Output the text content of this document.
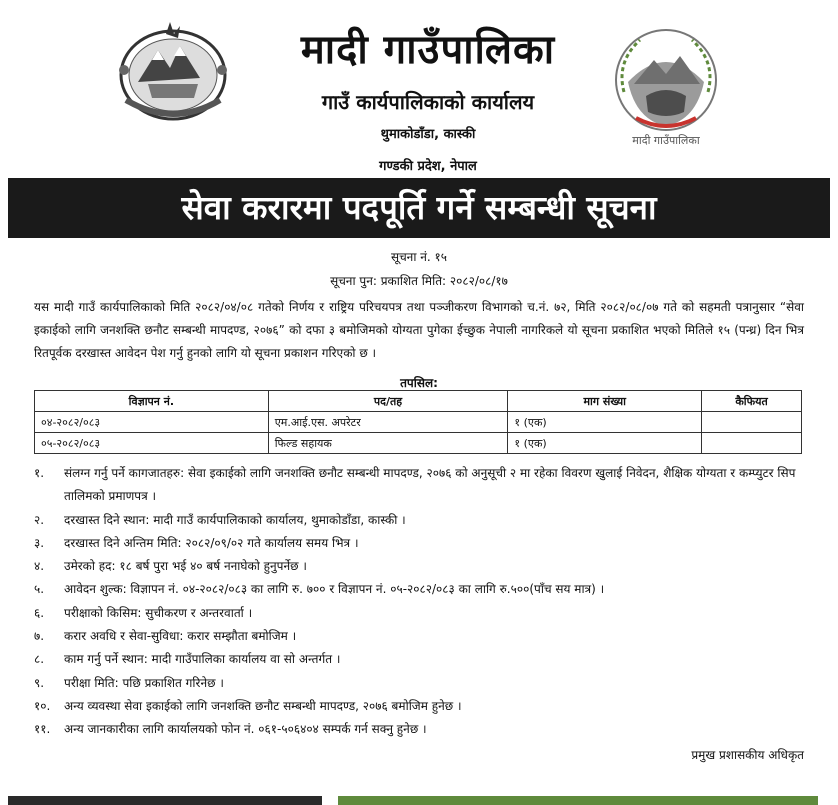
मादी गाउँपालिका
गाउँ कार्यपालिकाको कार्यालय
थुमाकोडाँडा, कास्की
गण्डकी प्रदेश, नेपाल
मादी गाउँपालिका
सेवा करारमा पदपूर्ति गर्ने सम्बन्धी सूचना
सूचना नं. १५
सूचना पुन: प्रकाशित मिति: २०८२/०८/१७
यस मादी गाउँ कार्यपालिकाको मिति २०८२/०४/०८ गतेको निर्णय र राष्ट्रिय परिचयपत्र तथा पञ्जीकरण विभागको च.नं. ७२, मिति २०८२/०८/०७ गते को सहमती पत्रानुसार “सेवा इकाईको लागि जनशक्ति छनौट सम्बन्धी मापदण्ड, २०७६” को दफा ३ बमोजिमको योग्यता पुगेका ईच्छुक नेपाली नागरिकले यो सूचना प्रकाशित भएको मितिले १५ (पन्ध्र) दिन भित्र रितपूर्वक दरखास्त आवेदन पेश गर्नु हुनको लागि यो सूचना प्रकाशन गरिएको छ ।
तपसिल:
विज्ञापन नं.	पद/तह	माग संख्या	कैफियत
०४-२०८२/०८३	एम.आई.एस. अपरेटर	१ (एक)	
०५-२०८२/०८३	फिल्ड सहायक	१ (एक)	
१. संलग्न गर्नु पर्ने कागजातहरु: सेवा इकाईको लागि जनशक्ति छनौट सम्बन्धी मापदण्ड, २०७६ को अनुसूची २ मा रहेका विवरण खुलाई निवेदन, शैक्षिक योग्यता र कम्प्युटर सिप तालिमको प्रमाणपत्र ।
२. दरखास्त दिने स्थान: मादी गाउँ कार्यपालिकाको कार्यालय, थुमाकोडाँडा, कास्की ।
३. दरखास्त दिने अन्तिम मिति: २०८२/०९/०२ गते कार्यालय समय भित्र ।
४. उमेरको हद: १८ बर्ष पुरा भई ४० बर्ष ननाघेको हुनुपर्नेछ ।
५. आवेदन शुल्क: विज्ञापन नं. ०४-२०८२/०८३ का लागि रु. ७०० र विज्ञापन नं. ०५-२०८२/०८३ का लागि रु.५००(पाँच सय मात्र) ।
६. परीक्षाको किसिम: सुचीकरण र अन्तरवार्ता ।
७. करार अवधि र सेवा-सुविधा: करार सम्झौता बमोजिम ।
८. काम गर्नु पर्ने स्थान: मादी गाउँपालिका कार्यालय वा सो अन्तर्गत ।
९. परीक्षा मिति: पछि प्रकाशित गरिनेछ ।
१०. अन्य व्यवस्था सेवा इकाईको लागि जनशक्ति छनौट सम्बन्धी मापदण्ड, २०७६ बमोजिम हुनेछ ।
११. अन्य जानकारीका लागि कार्यालयको फोन नं. ०६१-५०६४०४ सम्पर्क गर्न सक्नु हुनेछ ।
प्रमुख प्रशासकीय अधिकृत
